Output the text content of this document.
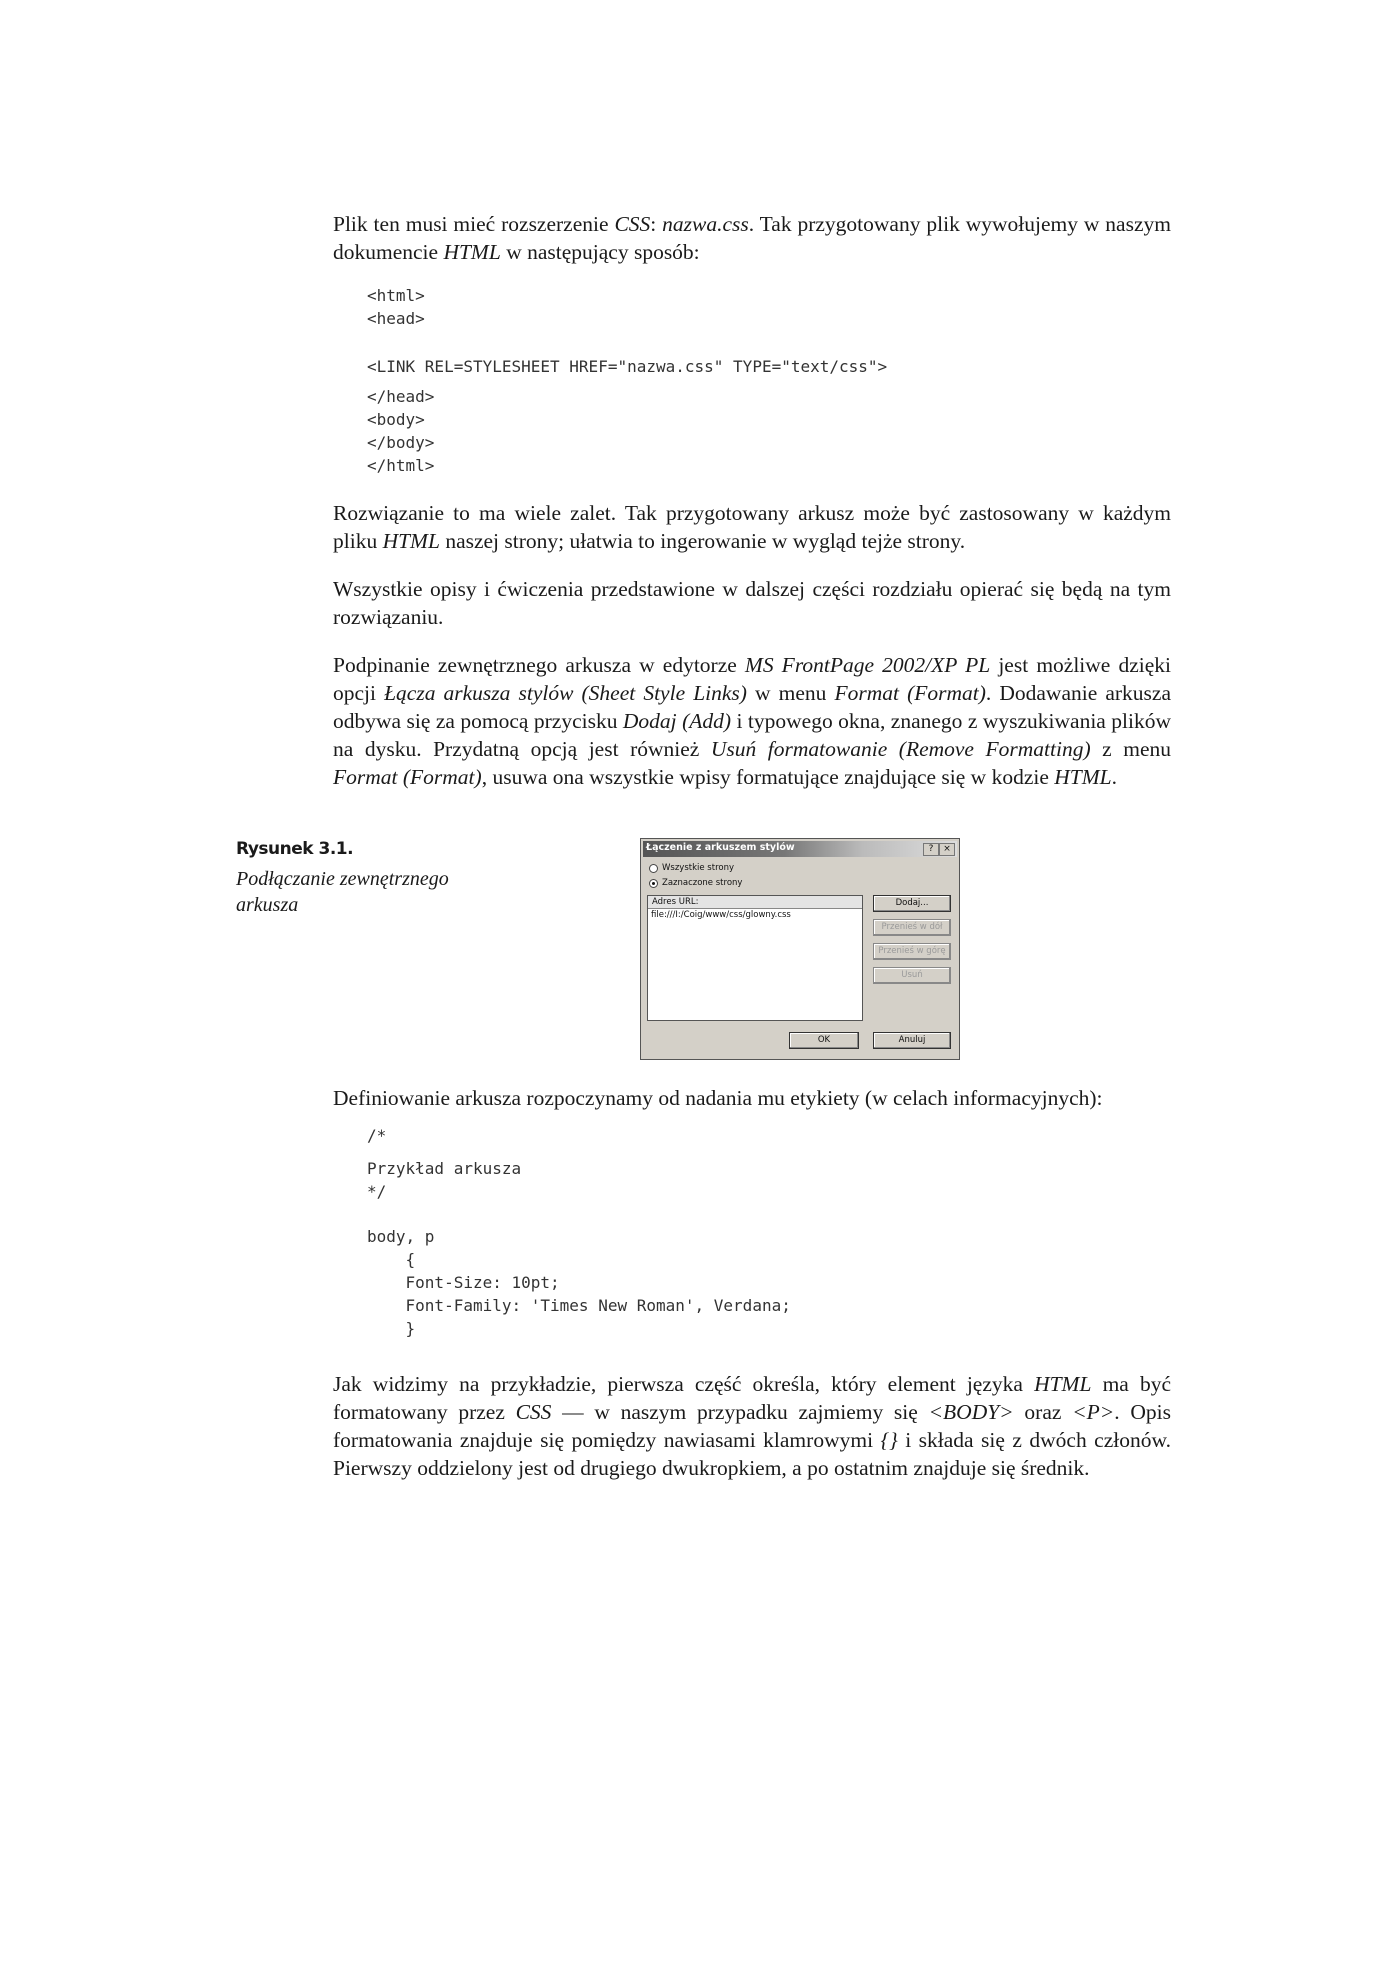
Plik ten musi mieć rozszerzenie CSS: nazwa.css. Tak przygotowany plik wywołujemy w naszym dokumencie HTML w następujący sposób:

<html>
<head>
<LINK REL=STYLESHEET HREF="nazwa.css" TYPE="text/css">
</head>
<body>
</body>
</html>

Rozwiązanie to ma wiele zalet. Tak przygotowany arkusz może być zastosowany w każdym pliku HTML naszej strony; ułatwia to ingerowanie w wygląd tejże strony.

Wszystkie opisy i ćwiczenia przedstawione w dalszej części rozdziału opierać się będą na tym rozwiązaniu.

Podpinanie zewnętrznego arkusza w edytorze MS FrontPage 2002/XP PL jest możliwe dzięki opcji Łącza arkusza stylów (Sheet Style Links) w menu Format (Format). Dodawanie arkusza odbywa się za pomocą przycisku Dodaj (Add) i typowego okna, znanego z wyszukiwania plików na dysku. Przydatną opcją jest również Usuń formatowanie (Remove Formatting) z menu Format (Format), usuwa ona wszystkie wpisy formatujące znajdujące się w kodzie HTML.

Rysunek 3.1.
Podłączanie zewnętrznego arkusza
Łączenie z arkuszem stylów	?	×
Wszystkie strony
Zaznaczone strony
Adres URL:
file:///I:/Coig/www/css/glowny.css
Dodaj...
Przenieś w dół
Przenieś w górę
Usuń
OK	Anuluj

Definiowanie arkusza rozpoczynamy od nadania mu etykiety (w celach informacyjnych):

/*
Przykład arkusza
*/
body, p
{
Font-Size: 10pt;
Font-Family: 'Times New Roman', Verdana;
}

Jak widzimy na przykładzie, pierwsza część określa, który element języka HTML ma być formatowany przez CSS — w naszym przypadku zajmiemy się <BODY> oraz <P>. Opis formatowania znajduje się pomiędzy nawiasami klamrowymi {} i składa się z dwóch członów. Pierwszy oddzielony jest od drugiego dwukropkiem, a po ostatnim znajduje się średnik.
